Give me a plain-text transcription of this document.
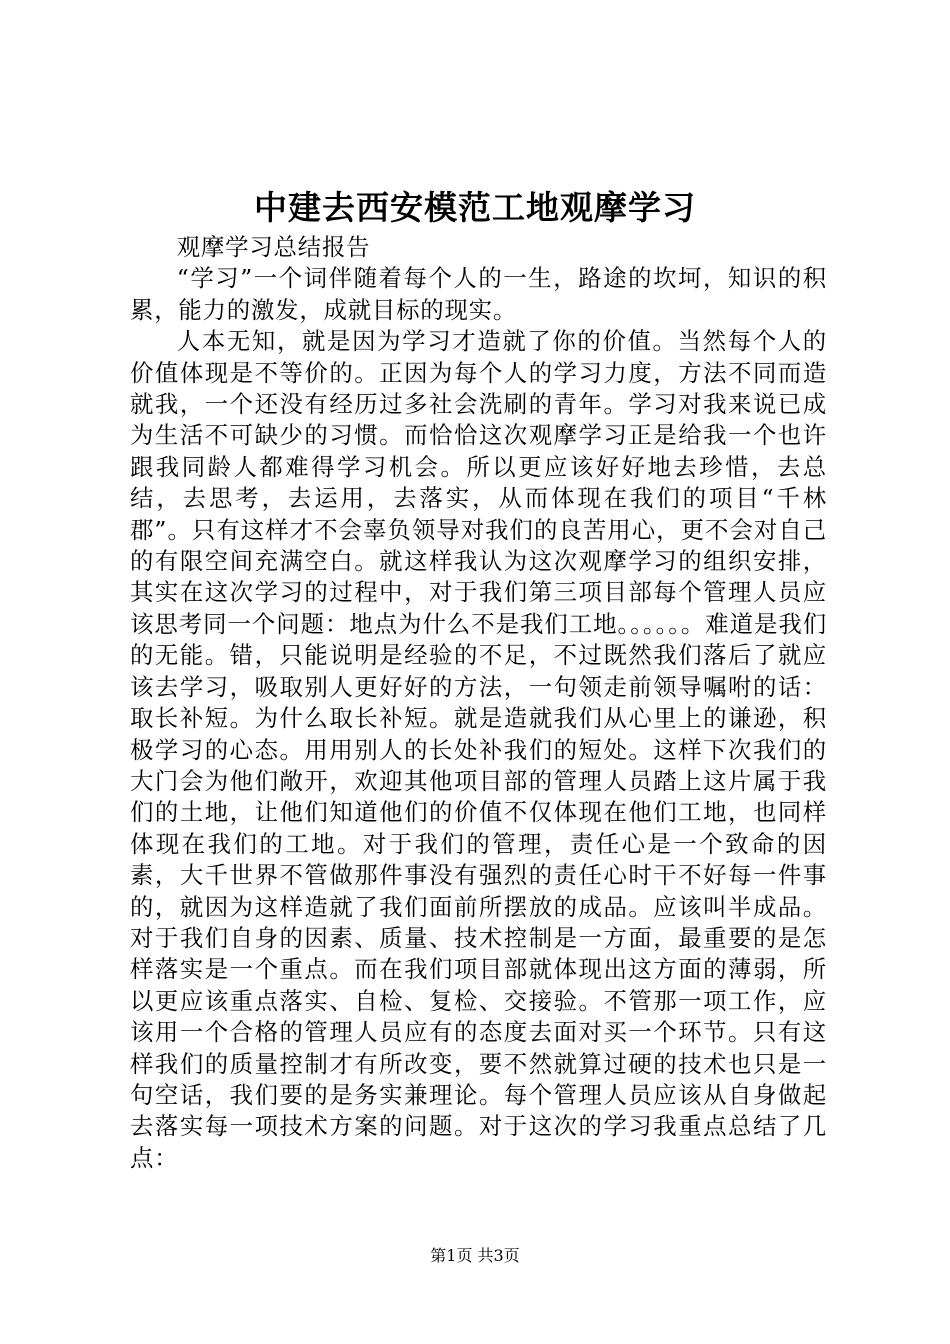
中建去西安模范工地观摩学习

观摩学习总结报告

“学习”一个词伴随着每个人的一生，路途的坎坷，知识的积累，能力的激发，成就目标的现实。

人本无知，就是因为学习才造就了你的价值。当然每个人的价值体现是不等价的。正因为每个人的学习力度，方法不同而造就我，一个还没有经历过多社会洗刷的青年。学习对我来说已成为生活不可缺少的习惯。而恰恰这次观摩学习正是给我一个也许跟我同龄人都难得学习机会。所以更应该好好地去珍惜，去总结，去思考，去运用，去落实，从而体现在我们的项目“千林郡”。只有这样才不会辜负领导对我们的良苦用心，更不会对自己的有限空间充满空白。就这样我认为这次观摩学习的组织安排，其实在这次学习的过程中，对于我们第三项目部每个管理人员应该思考同一个问题：地点为什么不是我们工地。。。。。。难道是我们的无能。错，只能说明是经验的不足，不过既然我们落后了就应该去学习，吸取别人更好好的方法，一句领走前领导嘱咐的话：取长补短。为什么取长补短。就是造就我们从心里上的谦逊，积极学习的心态。用用别人的长处补我们的短处。这样下次我们的大门会为他们敞开，欢迎其他项目部的管理人员踏上这片属于我们的土地，让他们知道他们的价值不仅体现在他们工地，也同样体现在我们的工地。对于我们的管理，责任心是一个致命的因素，大千世界不管做那件事没有强烈的责任心时干不好每一件事的，就因为这样造就了我们面前所摆放的成品。应该叫半成品。对于我们自身的因素、质量、技术控制是一方面，最重要的是怎样落实是一个重点。而在我们项目部就体现出这方面的薄弱，所以更应该重点落实、自检、复检、交接验。不管那一项工作，应该用一个合格的管理人员应有的态度去面对买一个环节。只有这样我们的质量控制才有所改变，要不然就算过硬的技术也只是一句空话，我们要的是务实兼理论。每个管理人员应该从自身做起去落实每一项技术方案的问题。对于这次的学习我重点总结了几点：

第1页 共3页
